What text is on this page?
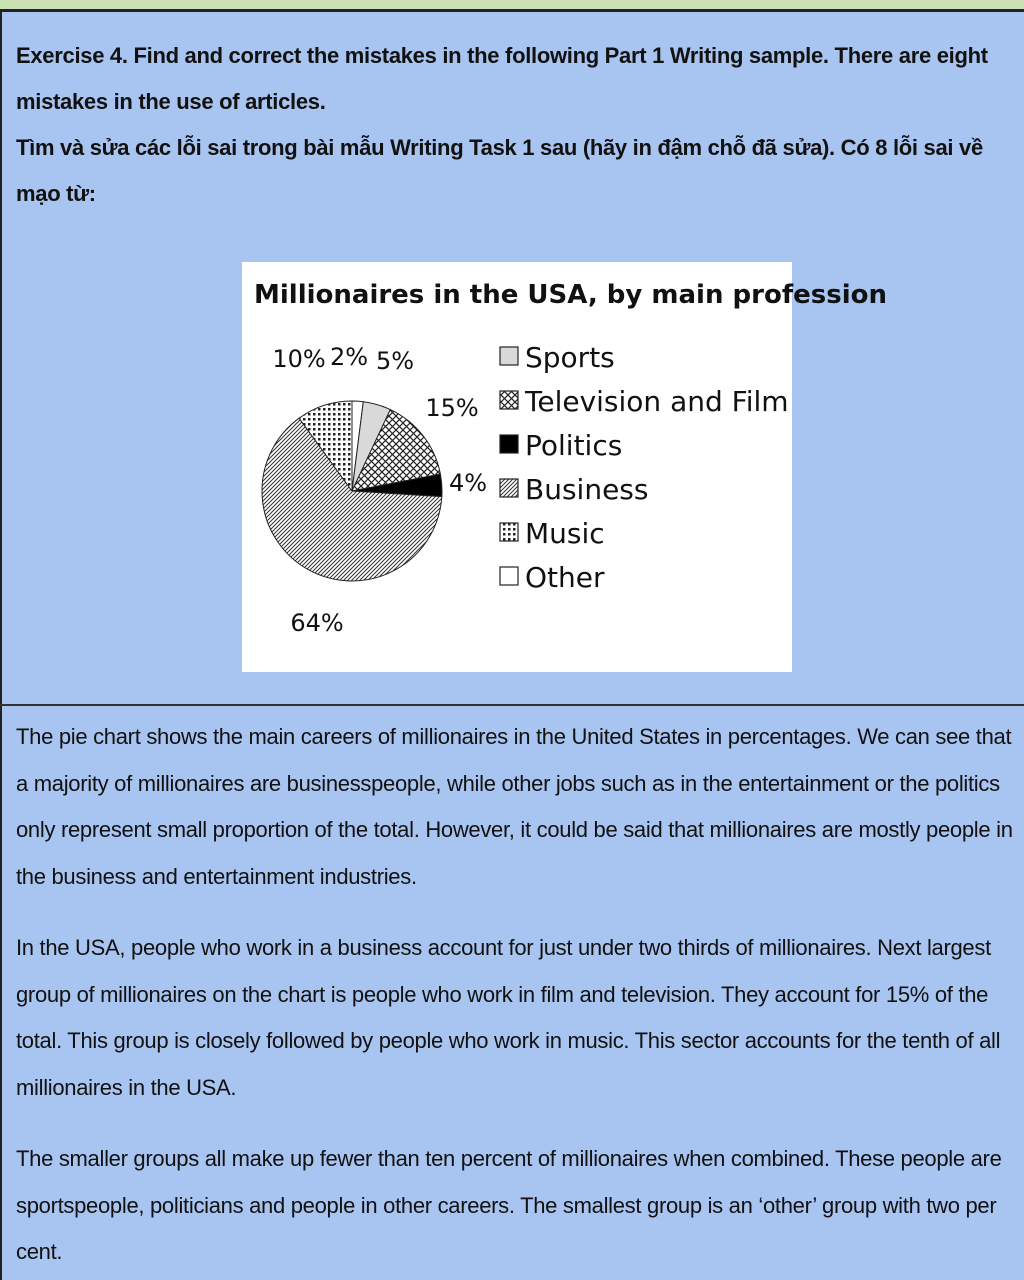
Exercise 4. Find and correct the mistakes in the following Part 1 Writing sample. There are eight mistakes in the use of articles.

Tìm và sửa các lỗi sai trong bài mẫu Writing Task 1 sau (hãy in đậm chỗ đã sửa). Có 8 lỗi sai về mạo từ:

Millionaires in the USA, by main profession
2% 5%
15%
4%
64%
10%	Sports
Television and Film
Politics
Business
Music
Other

The pie chart shows the main careers of millionaires in the United States in percentages. We can see that a majority of millionaires are businesspeople, while other jobs such as in the entertainment or the politics only represent small proportion of the total. However, it could be said that millionaires are mostly people in the business and entertainment industries.

In the USA, people who work in a business account for just under two thirds of millionaires. Next largest group of millionaires on the chart is people who work in film and television. They account for 15% of the total. This group is closely followed by people who work in music. This sector accounts for the tenth of all millionaires in the USA.

The smaller groups all make up fewer than ten percent of millionaires when combined. These people are sportspeople, politicians and people in other careers. The smallest group is an ‘other’ group with two per cent.
